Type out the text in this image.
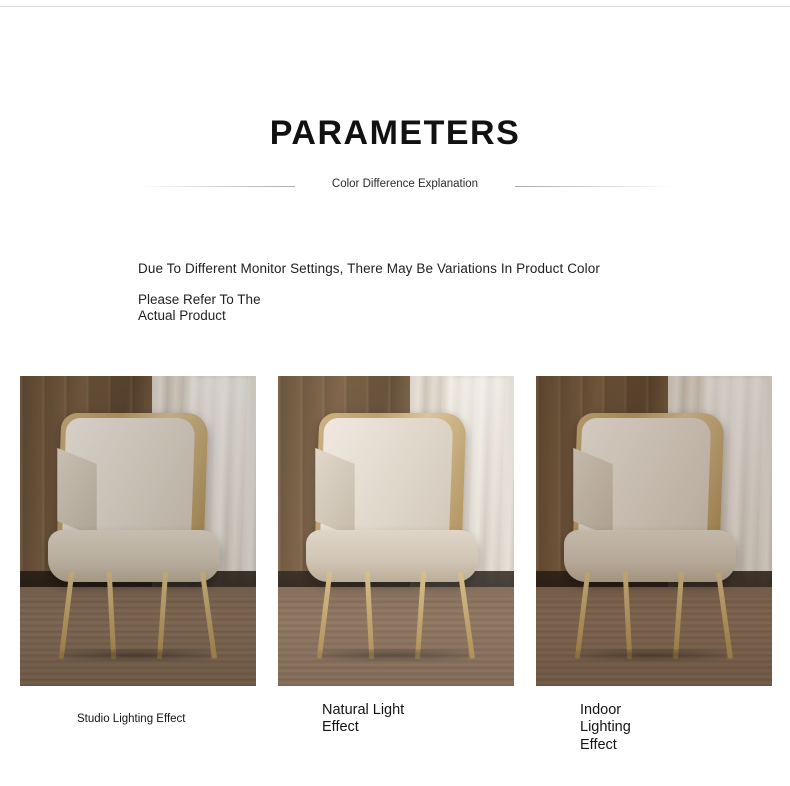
PARAMETERS
Color Difference Explanation
Due To Different Monitor Settings, There May Be Variations In Product Color
Please Refer To The Actual Product
Studio Lighting Effect
Natural Light Effect
Indoor Lighting Effect
